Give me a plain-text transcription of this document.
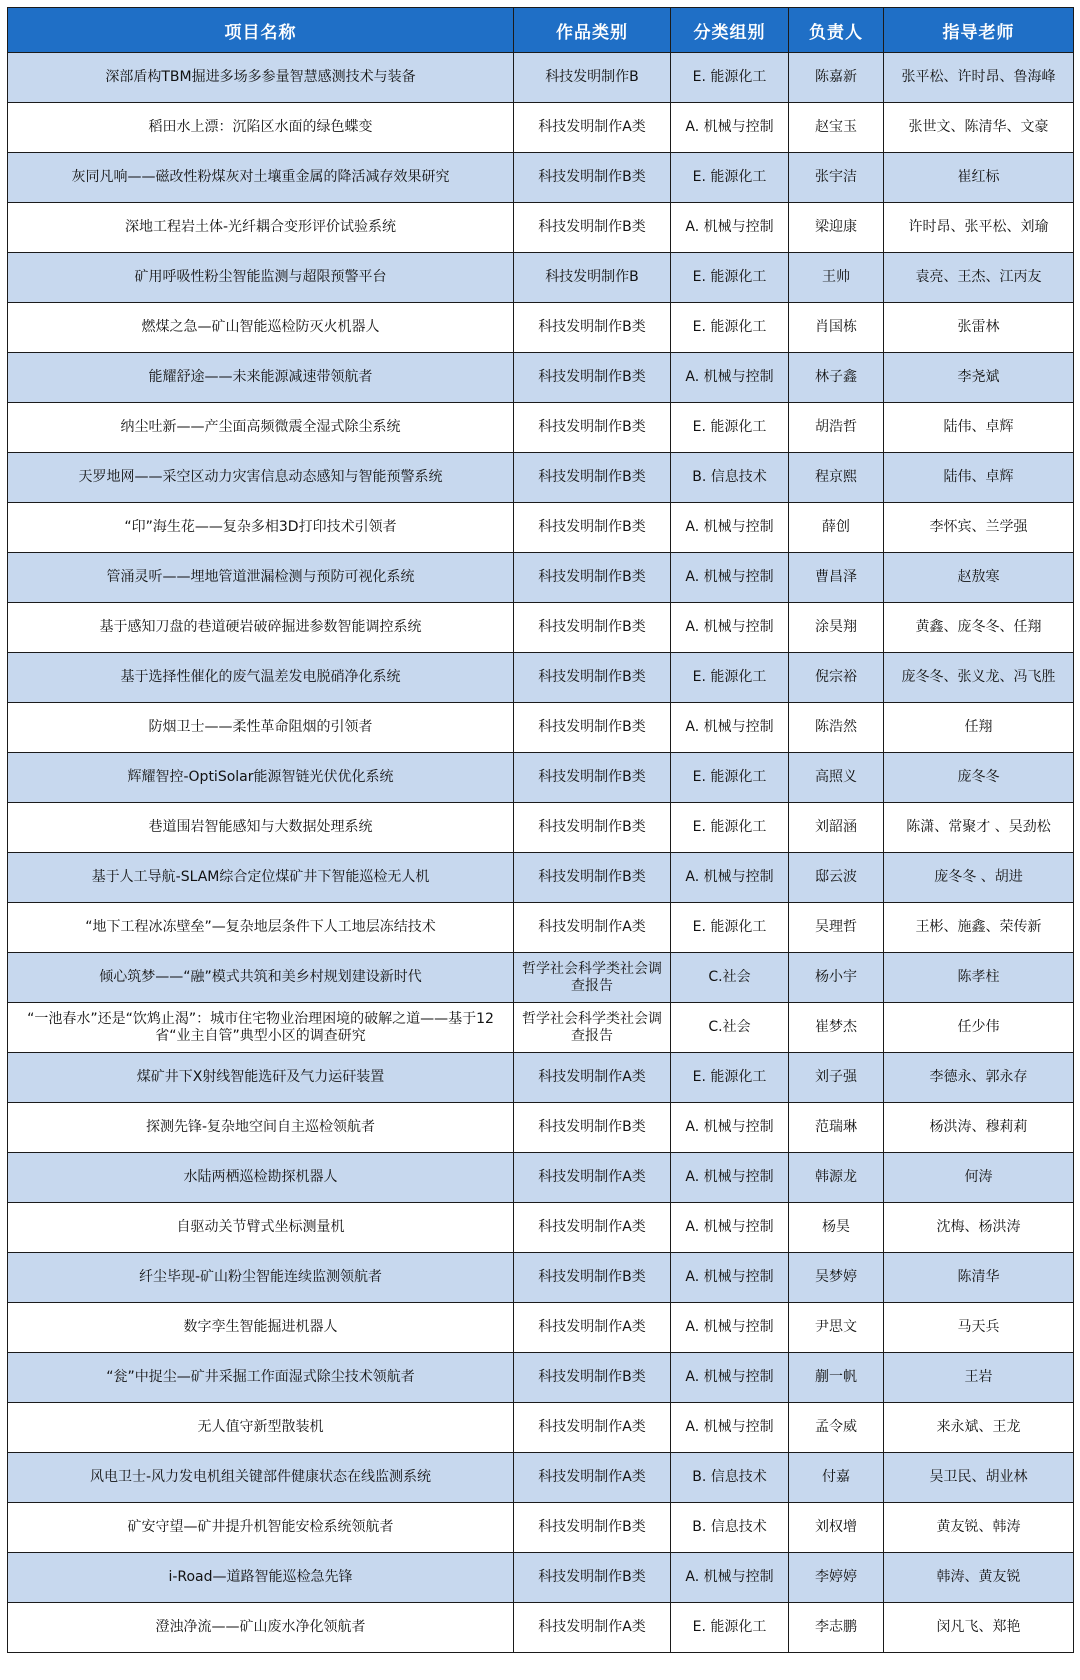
项目名称	作品类别	分类组别	负责人	指导老师
深部盾构TBM掘进多场多参量智慧感测技术与装备	科技发明制作B	E. 能源化工	陈嘉新	张平松、许时昂、鲁海峰
稻田水上漂：沉陷区水面的绿色蝶变	科技发明制作A类	A. 机械与控制	赵宝玉	张世文、陈清华、文豪
灰同凡响——磁改性粉煤灰对土壤重金属的降活减存效果研究	科技发明制作B类	E. 能源化工	张宇洁	崔红标
深地工程岩土体-光纤耦合变形评价试验系统	科技发明制作B类	A. 机械与控制	梁迎康	许时昂、张平松、刘瑜
矿用呼吸性粉尘智能监测与超限预警平台	科技发明制作B	E. 能源化工	王帅	袁亮、王杰、江丙友
燃煤之急—矿山智能巡检防灭火机器人	科技发明制作B类	E. 能源化工	肖国栋	张雷林
能耀舒途——未来能源减速带领航者	科技发明制作B类	A. 机械与控制	林子鑫	李尧斌
纳尘吐新——产尘面高频微震全湿式除尘系统	科技发明制作B类	E. 能源化工	胡浩哲	陆伟、卓辉
天罗地网——采空区动力灾害信息动态感知与智能预警系统	科技发明制作B类	B. 信息技术	程京熙	陆伟、卓辉
“印”海生花——复杂多相3D打印技术引领者	科技发明制作B类	A. 机械与控制	薛创	李怀宾、兰学强
管涌灵听——埋地管道泄漏检测与预防可视化系统	科技发明制作B类	A. 机械与控制	曹昌泽	赵敖寒
基于感知刀盘的巷道硬岩破碎掘进参数智能调控系统	科技发明制作B类	A. 机械与控制	涂昊翔	黄鑫、庞冬冬、任翔
基于选择性催化的废气温差发电脱硝净化系统	科技发明制作B类	E. 能源化工	倪宗裕	庞冬冬、张义龙、冯飞胜
防烟卫士——柔性革命阻烟的引领者	科技发明制作B类	A. 机械与控制	陈浩然	任翔
辉耀智控-OptiSolar能源智链光伏优化系统	科技发明制作B类	E. 能源化工	高照义	庞冬冬
巷道围岩智能感知与大数据处理系统	科技发明制作B类	E. 能源化工	刘韶涵	陈潇、常聚才 、吴劲松
基于人工导航-SLAM综合定位煤矿井下智能巡检无人机	科技发明制作B类	A. 机械与控制	邸云波	庞冬冬 、胡进
“地下工程冰冻壁垒”—复杂地层条件下人工地层冻结技术	科技发明制作A类	E. 能源化工	吴理哲	王彬、施鑫、荣传新
倾心筑梦——“融”模式共筑和美乡村规划建设新时代	哲学社会科学类社会调查报告	C.社会	杨小宇	陈孝柱
“一池春水”还是“饮鸩止渴”：城市住宅物业治理困境的破解之道——基于12省“业主自管”典型小区的调查研究	哲学社会科学类社会调查报告	C.社会	崔梦杰	任少伟
煤矿井下X射线智能选矸及气力运矸装置	科技发明制作A类	E. 能源化工	刘子强	李德永、郭永存
探测先锋-复杂地空间自主巡检领航者	科技发明制作B类	A. 机械与控制	范瑞琳	杨洪涛、穆莉莉
水陆两栖巡检勘探机器人	科技发明制作A类	A. 机械与控制	韩源龙	何涛
自驱动关节臂式坐标测量机	科技发明制作A类	A. 机械与控制	杨昊	沈梅、杨洪涛
纤尘毕现-矿山粉尘智能连续监测领航者	科技发明制作B类	A. 机械与控制	吴梦婷	陈清华
数字孪生智能掘进机器人	科技发明制作A类	A. 机械与控制	尹思文	马天兵
“瓮”中捉尘—矿井采掘工作面湿式除尘技术领航者	科技发明制作B类	A. 机械与控制	蒯一帆	王岩
无人值守新型散装机	科技发明制作A类	A. 机械与控制	孟令威	来永斌、王龙
风电卫士-风力发电机组关键部件健康状态在线监测系统	科技发明制作A类	B. 信息技术	付嘉	吴卫民、胡业林
矿安守望—矿井提升机智能安检系统领航者	科技发明制作B类	B. 信息技术	刘权增	黄友锐、韩涛
i-Road—道路智能巡检急先锋	科技发明制作B类	A. 机械与控制	李婷婷	韩涛、黄友锐
澄浊净流——矿山废水净化领航者	科技发明制作A类	E. 能源化工	李志鹏	闵凡飞、郑艳
